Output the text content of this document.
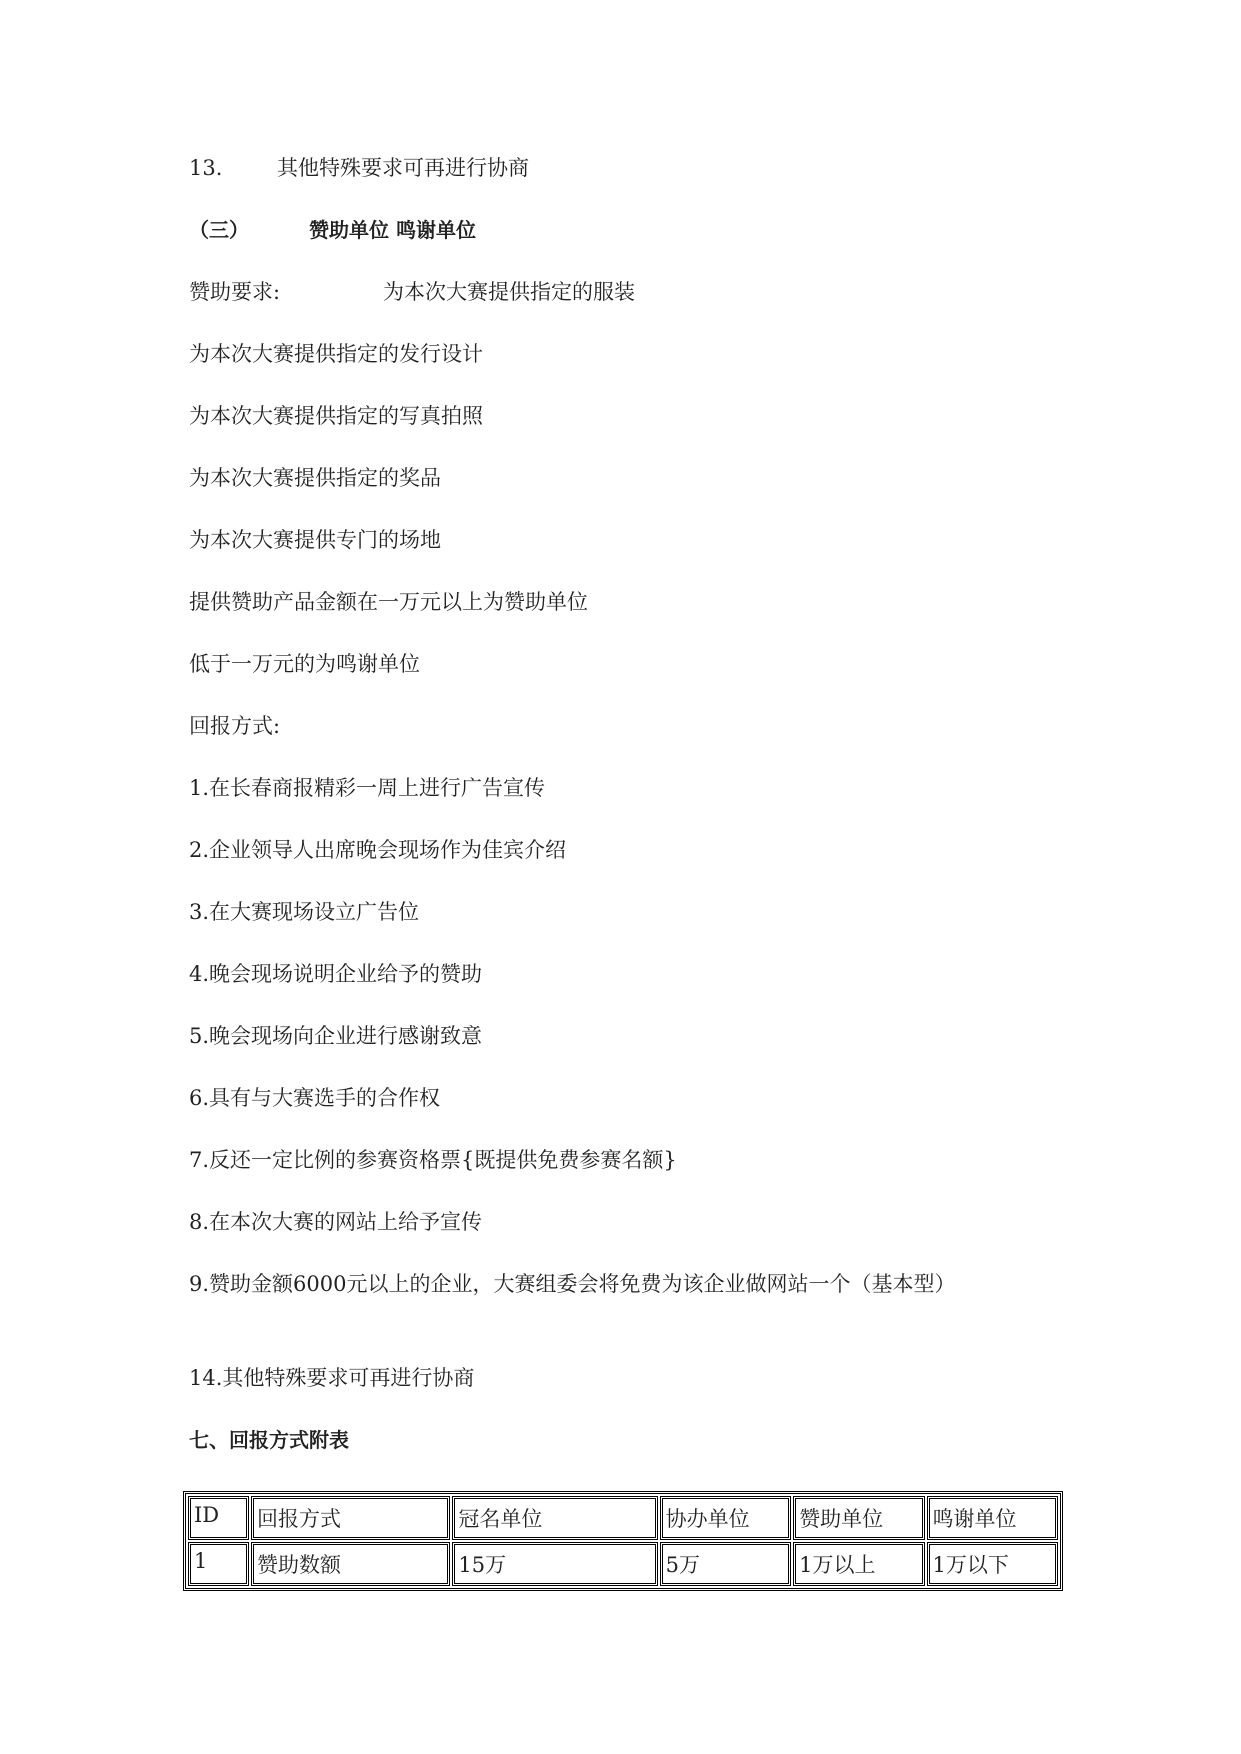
13.	其他特殊要求可再进行协商
（三）	赞助单位 鸣谢单位
赞助要求:	为本次大赛提供指定的服装
为本次大赛提供指定的发行设计
为本次大赛提供指定的写真拍照
为本次大赛提供指定的奖品
为本次大赛提供专门的场地
提供赞助产品金额在一万元以上为赞助单位
低于一万元的为鸣谢单位
回报方式:
1.在长春商报精彩一周上进行广告宣传
2.企业领导人出席晚会现场作为佳宾介绍
3.在大赛现场设立广告位
4.晚会现场说明企业给予的赞助
5.晚会现场向企业进行感谢致意
6.具有与大赛选手的合作权
7.反还一定比例的参赛资格票{既提供免费参赛名额}
8.在本次大赛的网站上给予宣传
9.赞助金额6000元以上的企业，大赛组委会将免费为该企业做网站一个（基本型）
14.其他特殊要求可再进行协商
七、回报方式附表
ID	回报方式	冠名单位	协办单位	赞助单位	鸣谢单位
1	赞助数额	15万	5万	1万以上	1万以下
